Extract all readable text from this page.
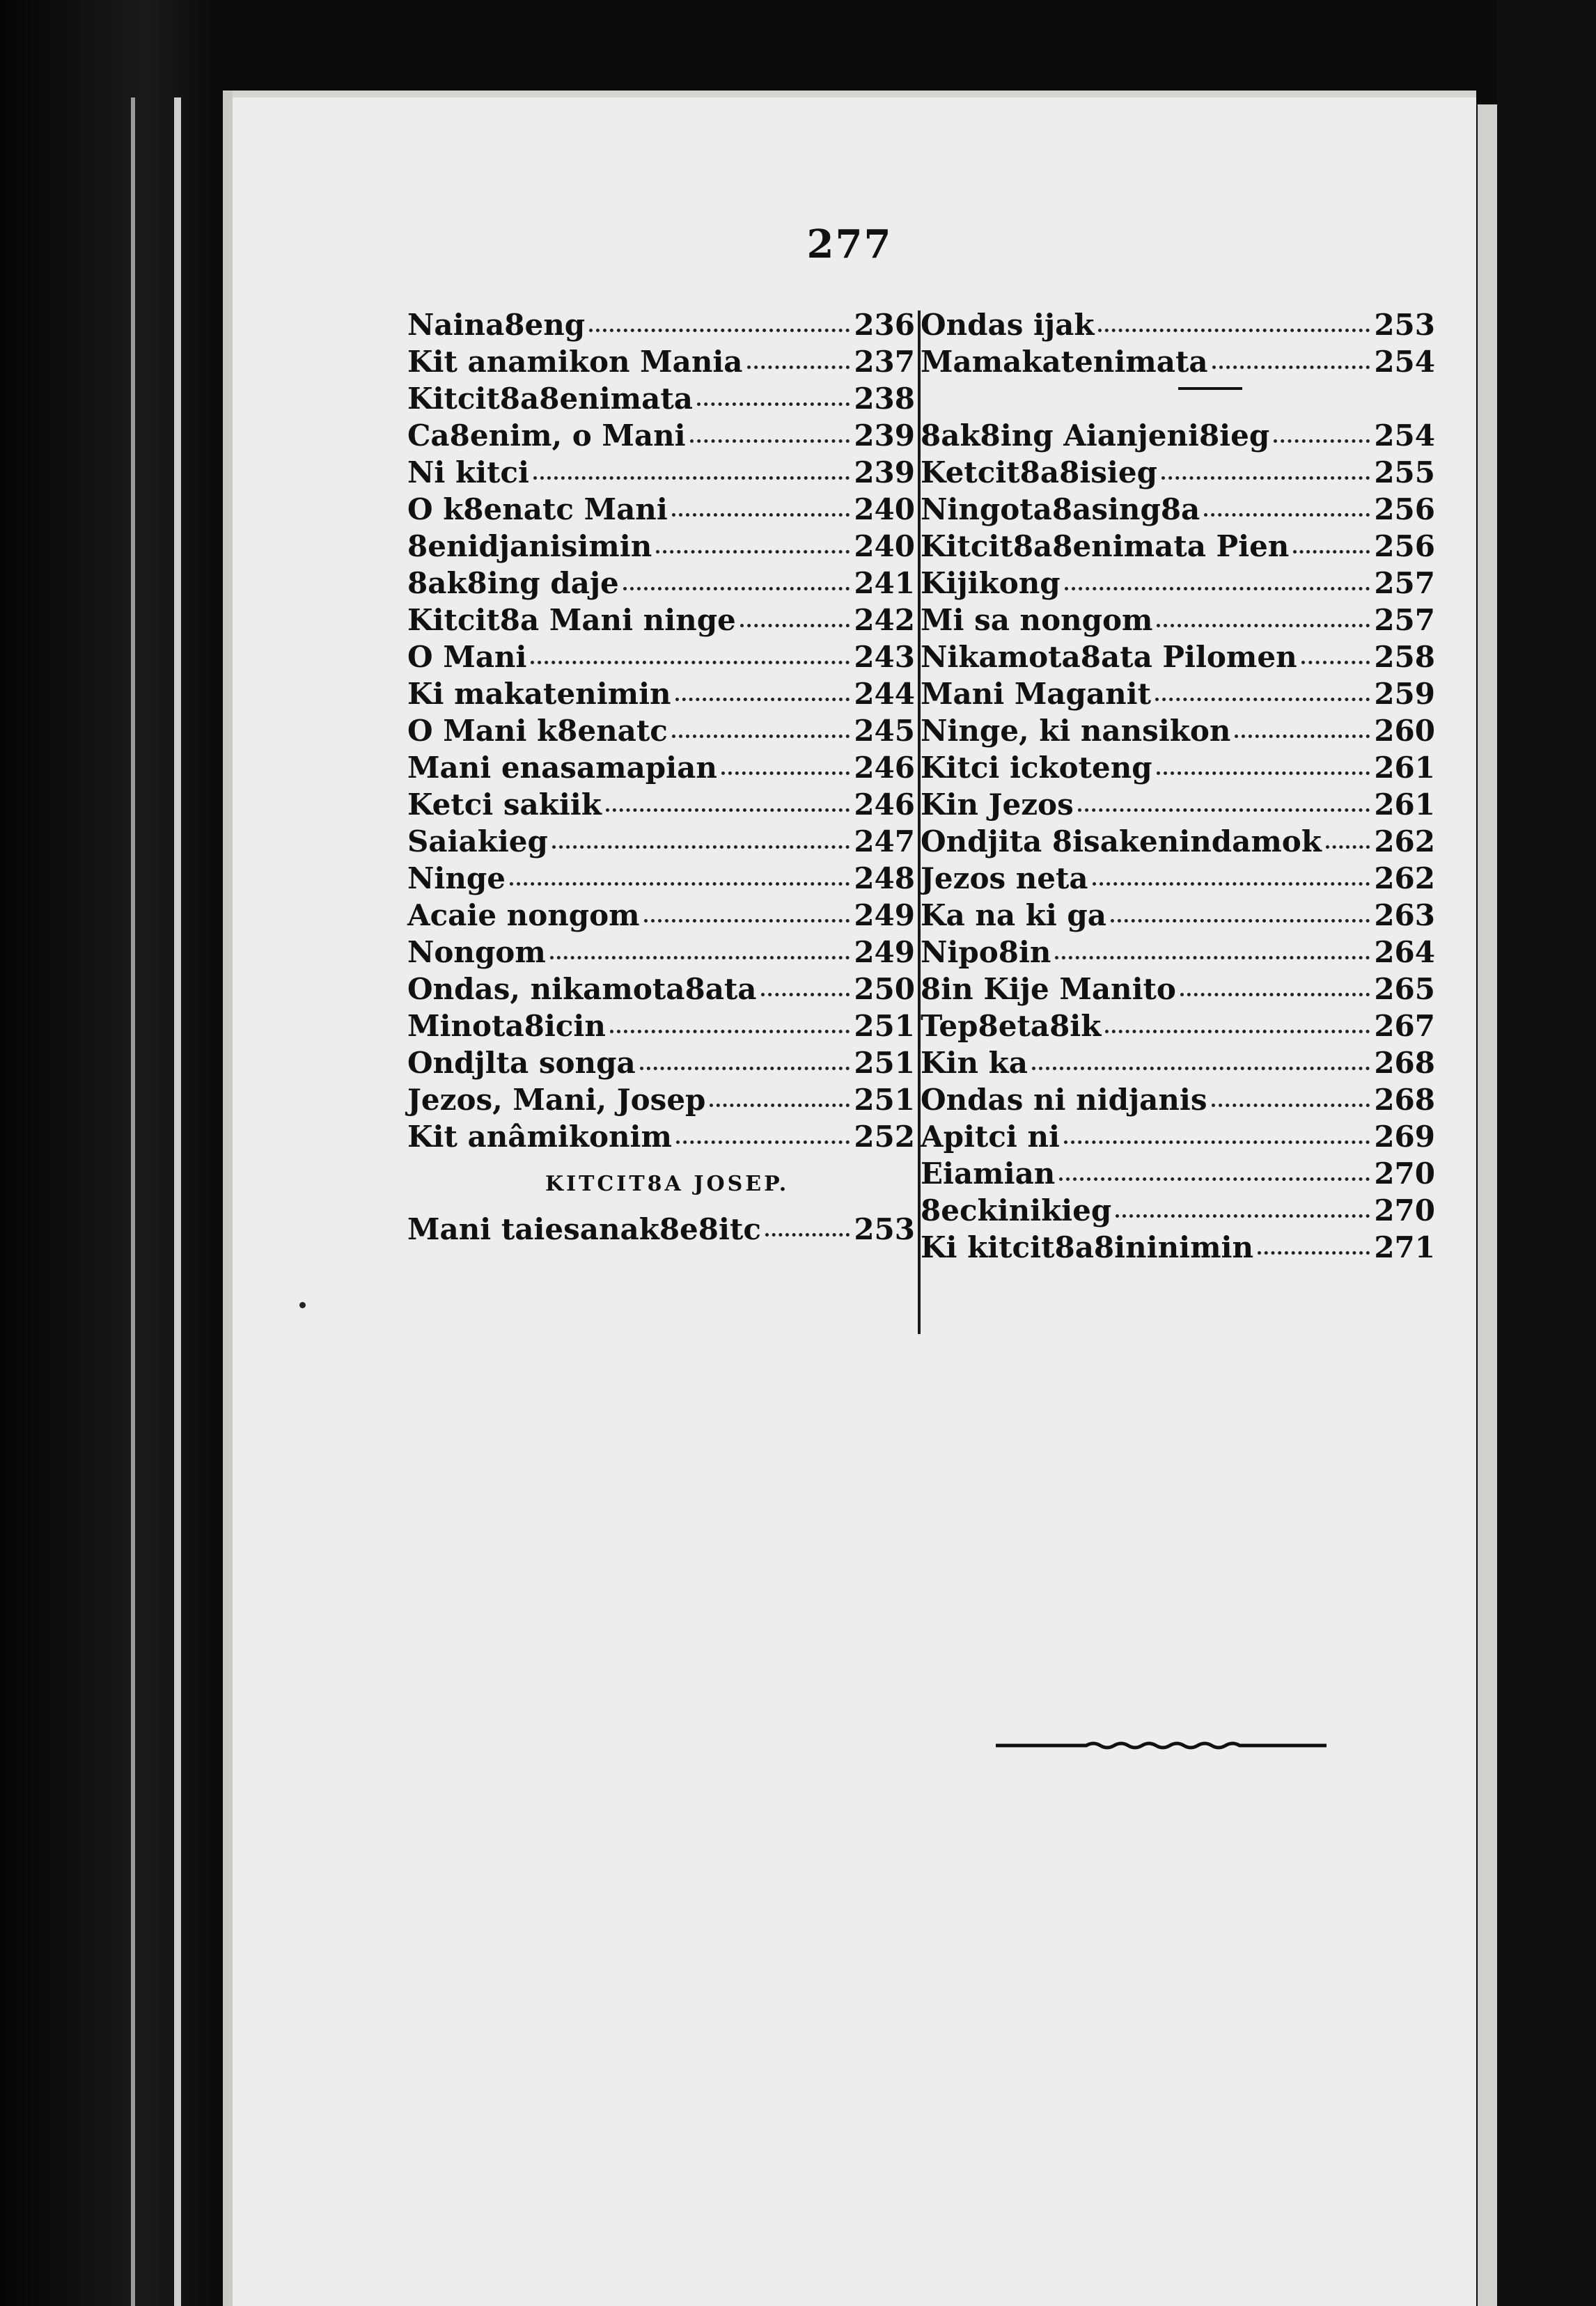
277
Naina8eng	236
Kit anamikon Mania	237
Kitcit8a8enimata	238
Ca8enim, o Mani	239
Ni kitci	239
O k8enatc Mani	240
8enidjanisimin	240
8ak8ing daje	241
Kitcit8a Mani ninge	242
O Mani	243
Ki makatenimin	244
O Mani k8enatc	245
Mani enasamapian	246
Ketci sakiik	246
Saiakieg	247
Ninge	248
Acaie nongom	249
Nongom	249
Ondas, nikamota8ata	250
Minota8icin	251
Ondjlta songa	251
Jezos, Mani, Josep	251
Kit anâmikonim	252
KITCIT8A JOSEP.
Mani taiesanak8e8itc	253
Ondas ijak	253
Mamakatenimata	254
8ak8ing Aianjeni8ieg	254
Ketcit8a8isieg	255
Ningota8asing8a	256
Kitcit8a8enimata Pien	256
Kijikong	257
Mi sa nongom	257
Nikamota8ata Pilomen	258
Mani Maganit	259
Ninge, ki nansikon	260
Kitci ickoteng	261
Kin Jezos	261
Ondjita 8isakenindamok 262
Jezos neta	262
Ka na ki ga	263
Nipo8in	264
8in Kije Manito	265
Tep8eta8ik	267
Kin ka	268
Ondas ni nidjanis	268
Apitci ni	269
Eiamian	270
8eckinikieg	270
Ki kitcit8a8ininimin	271
